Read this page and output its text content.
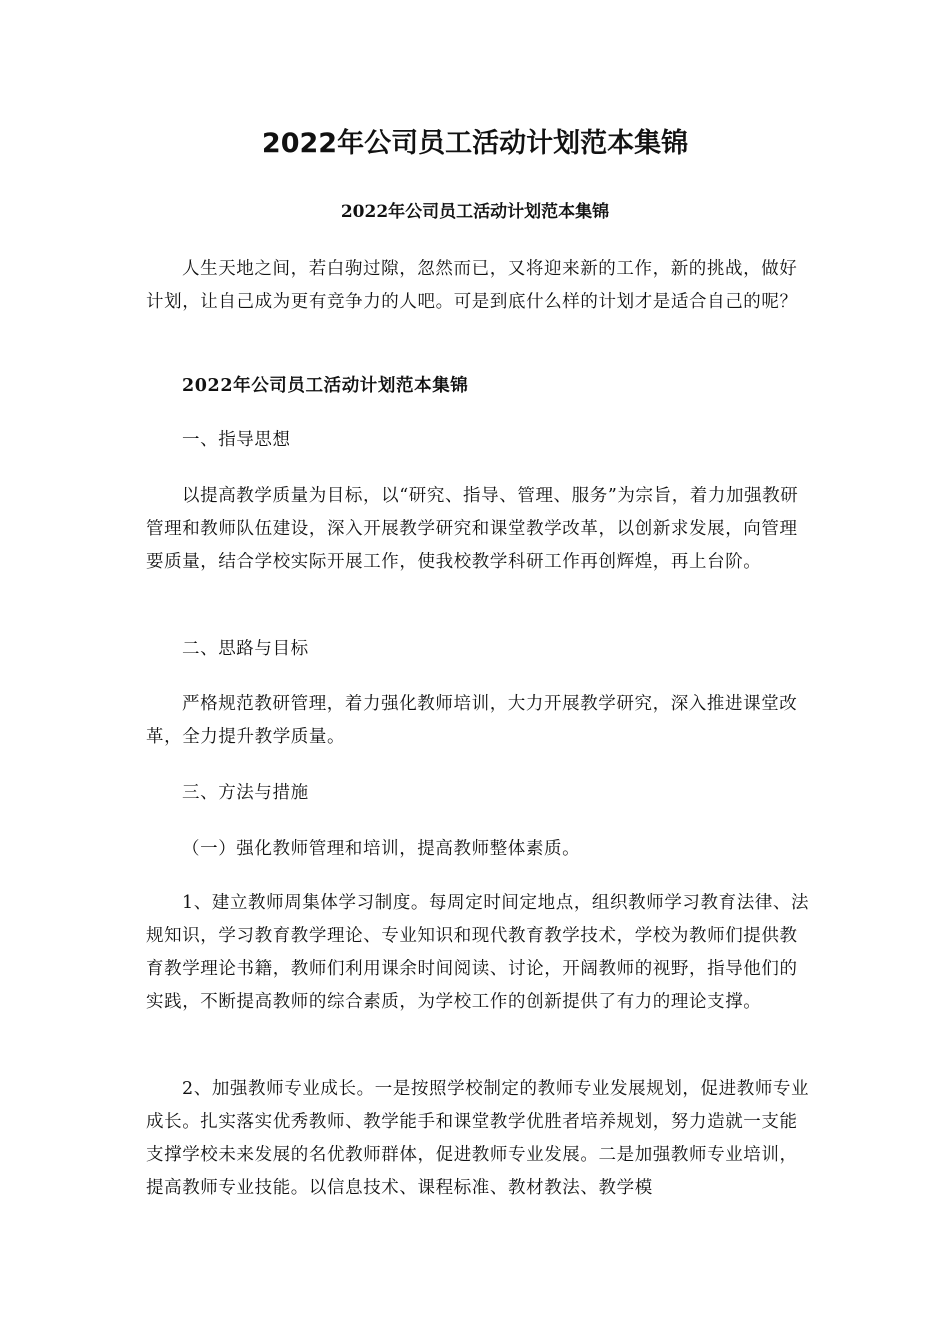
2022年公司员工活动计划范本集锦
2022年公司员工活动计划范本集锦

人生天地之间，若白驹过隙，忽然而已，又将迎来新的工作，新的挑战，做好计划，让自己成为更有竞争力的人吧。可是到底什么样的计划才是适合自己的呢？

2022年公司员工活动计划范本集锦

一、指导思想

以提高教学质量为目标，以“研究、指导、管理、服务”为宗旨，着力加强教研管理和教师队伍建设，深入开展教学研究和课堂教学改革，以创新求发展，向管理要质量，结合学校实际开展工作，使我校教学科研工作再创辉煌，再上台阶。

二、思路与目标

严格规范教研管理，着力强化教师培训，大力开展教学研究，深入推进课堂改革，全力提升教学质量。

三、方法与措施

（一）强化教师管理和培训，提高教师整体素质。

1、建立教师周集体学习制度。每周定时间定地点，组织教师学习教育法律、法规知识，学习教育教学理论、专业知识和现代教育教学技术，学校为教师们提供教育教学理论书籍，教师们利用课余时间阅读、讨论，开阔教师的视野，指导他们的实践，不断提高教师的综合素质，为学校工作的创新提供了有力的理论支撑。

2、加强教师专业成长。一是按照学校制定的教师专业发展规划，促进教师专业成长。扎实落实优秀教师、教学能手和课堂教学优胜者培养规划，努力造就一支能支撑学校未来发展的名优教师群体，促进教师专业发展。二是加强教师专业培训，提高教师专业技能。以信息技术、课程标准、教材教法、教学模
